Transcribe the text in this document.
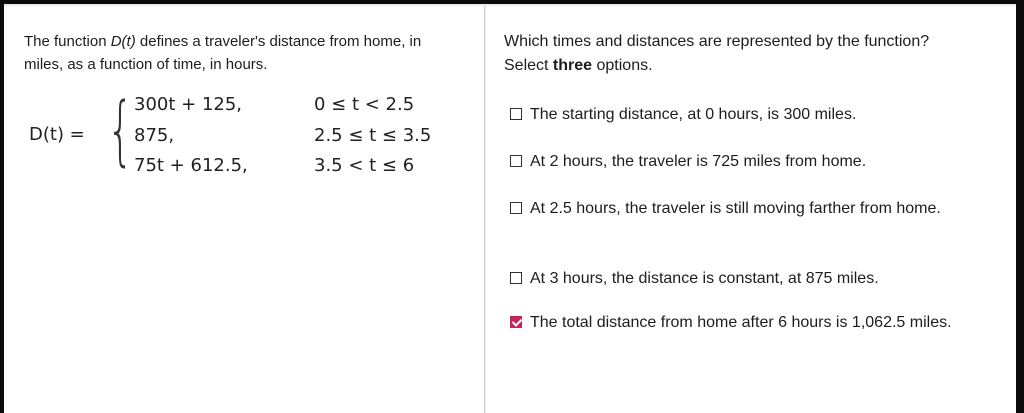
The function D(t) defines a traveler's distance from home, in miles, as a function of time, in hours.
D(t) = { 300t + 125,	0 ≤ t < 2.5
875,	2.5 ≤ t ≤ 3.5
75t + 612.5,	3.5 < t ≤ 6
Which times and distances are represented by the function? Select three options.
The starting distance, at 0 hours, is 300 miles.
At 2 hours, the traveler is 725 miles from home.
At 2.5 hours, the traveler is still moving farther from home.
At 3 hours, the distance is constant, at 875 miles.
The total distance from home after 6 hours is 1,062.5 miles.
